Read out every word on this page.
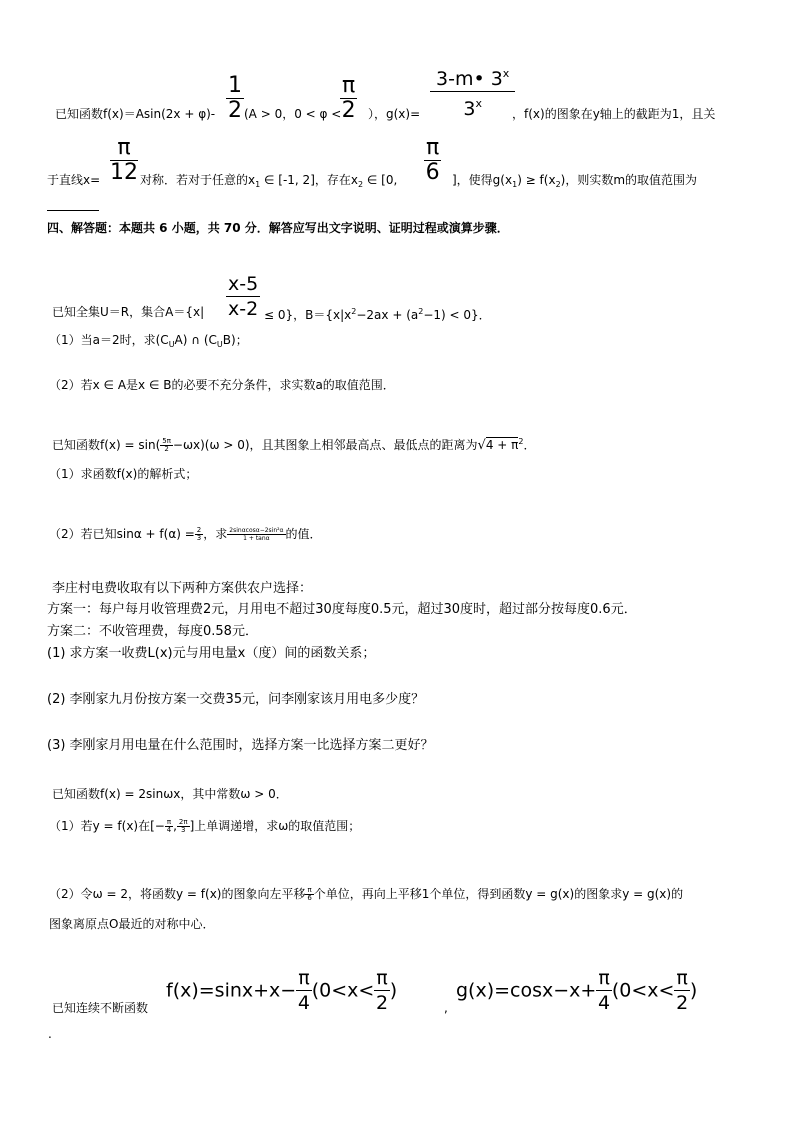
$\frac{1}{2}$	$\frac{\pi}{2}$	$\frac{3-m• 3^x}{3^x}$
已知函数f(x)＝Asin(2x + φ)- (A > 0，0 < φ < ），g(x)=	，f(x)的图象在y轴上的截距为1，且关
$\frac{\pi}{12}$	$\frac{\pi}{6}$
于直线x=	对称．若对于任意的$x_1$ ∈ [-1, 2]，存在$x_2$ ∈ [0,	]，使得$g(x_1) \ge f(x_2)$，则实数m的取值范围为
四、解答题：本题共 6 小题，共 70 分．解答应写出文字说明、证明过程或演算步骤．
$\frac{x-5}{x-2}$
已知全集U＝R，集合A＝{x|	≤ 0}，$B=\{x|x^2-2ax + (a^2-1) < 0\}$．
（1）当a＝2时，求$(C_UA)$ ∩ $(C_UB)$；
（2）若x ∈ A是x ∈ B的必要不充分条件，求实数a的取值范围．
已知函数$f(x) = \sin( \frac{5\pi}{2} -\omega x)(\omega > 0)$，且其图象上相邻最高点、最低点的距离为$√4 + \pi^2$．
（1）求函数f(x)的解析式；
（2）若已知$\sin\alpha + f(\alpha) = \frac{2}{3}$ ，求 $\frac{\text{2sinαcosα−2sin²α}}{1 + \tan\alpha}$ 的值．
李庄村电费收取有以下两种方案供农户选择：
方案一：每户每月收管理费2元，月用电不超过30度每度0.5元，超过30度时，超过部分按每度0.6元．
方案二：不收管理费，每度0.58元．
(1) 求方案一收费L(x)元与用电量x（度）间的函数关系；
(2) 李刚家九月份按方案一交费35元，问李刚家该月用电多少度？
(3) 李刚家月用电量在什么范围时，选择方案一比选择方案二更好？
已知函数f(x) = 2sinωx，其中常数ω > 0．
（1）若y = f(x)在[− $\frac{\pi}{4}$ , $\frac{2\pi}{3}$ ]上单调递增，求ω的取值范围；
（2）令ω = 2，将函数y = f(x)的图象向左平移 $\frac{\pi}{6}$ 个单位，再向上平移1个单位，得到函数y = g(x)的图象求y = g(x)的
图象离原点O最近的对称中心．
已知连续不断函数
$f(x)=\sin x+x- \frac{\pi}{4} (0<x< \frac{\pi}{2}$ )
,
$g(x)=\cos x-x+ \frac{\pi}{4} (0<x< \frac{\pi}{2}$ )
.
